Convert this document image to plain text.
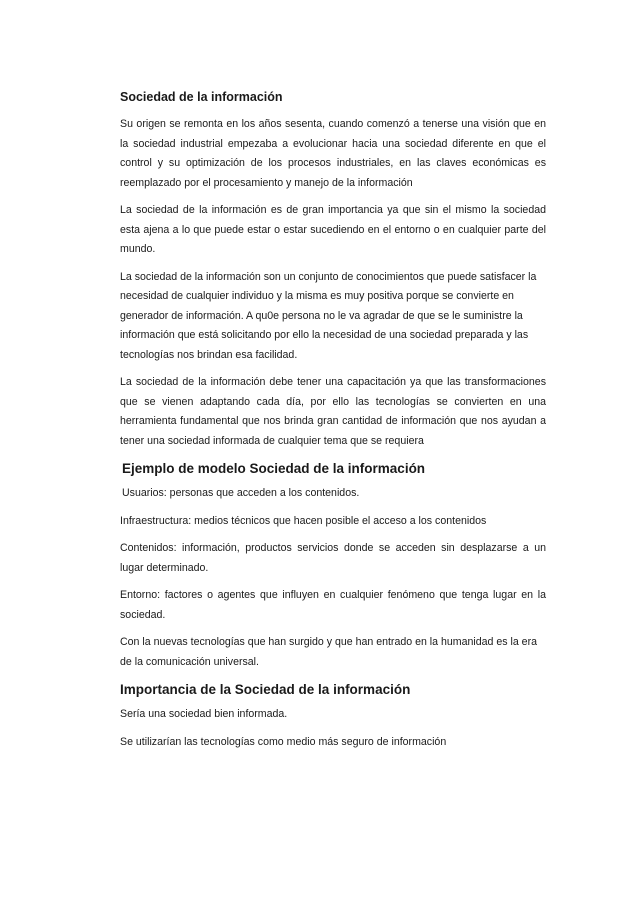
Sociedad de la información

Su origen se remonta en los años sesenta, cuando comenzó a tenerse una visión que en la sociedad industrial empezaba a evolucionar hacia una sociedad diferente en que el control y su optimización de los procesos industriales, en las claves económicas es reemplazado por el procesamiento y manejo de la información

La sociedad de la información es de gran importancia ya que sin el mismo la sociedad esta ajena a lo que puede estar o estar sucediendo en el entorno o en cualquier parte del mundo.

La sociedad de la información son un conjunto de conocimientos que puede satisfacer la necesidad de cualquier individuo y la misma es muy positiva porque se convierte en generador de información. A qu0e persona no le va agradar de que se le suministre la información que está solicitando por ello la necesidad de una sociedad preparada y las tecnologías nos brindan esa facilidad.

La sociedad de la información debe tener una capacitación ya que las transformaciones que se vienen adaptando cada día, por ello las tecnologías se convierten en una herramienta fundamental que nos brinda gran cantidad de información que nos ayudan a tener una sociedad informada de cualquier tema que se requiera

Ejemplo de modelo Sociedad de la información

Usuarios: personas que acceden a los contenidos.

Infraestructura: medios técnicos que hacen posible el acceso a los contenidos

Contenidos: información, productos servicios donde se acceden sin desplazarse a un lugar determinado.

Entorno: factores o agentes que influyen en cualquier fenómeno que tenga lugar en la sociedad.

Con la nuevas tecnologías que han surgido y que han entrado en la humanidad es la era de la comunicación universal.

Importancia de la Sociedad de la información

Sería una sociedad bien informada.

Se utilizarían las tecnologías como medio más seguro de información
